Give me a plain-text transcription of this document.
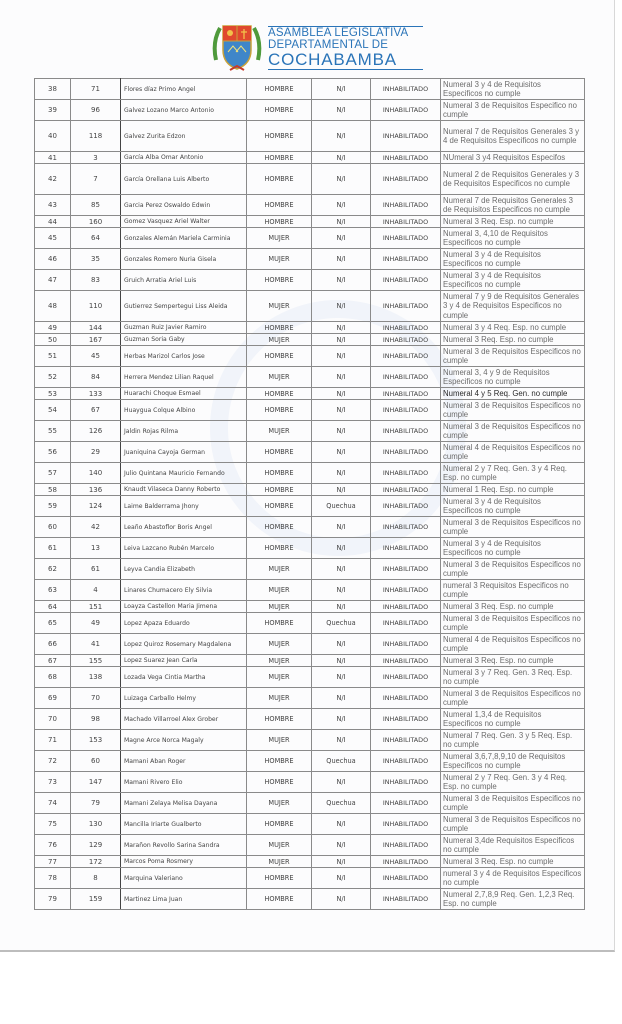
ASAMBLEA LEGISLATIVA
DEPARTAMENTAL DE
COCHABAMBA
38	71	Flores díaz Primo Angel	HOMBRE	N/I	INHABILITADO	Numeral 3 y 4 de Requisitos Especificos no cumple
39	96	Galvez Lozano Marco Antonio	HOMBRE	N/I	INHABILITADO	Numeral 3 de Requisitos Especifico no cumple
40	118	Galvez Zurita Edzon	HOMBRE	N/I	INHABILITADO	Numeral 7 de Requisitos Generales 3 y 4 de Requisitos Especificos no cumple
41	3	García Alba Omar Antonio	HOMBRE	N/I	INHABILITADO	NUmeral 3 y4 Requisitos Especifos
42	7	García Orellana Luis Alberto	HOMBRE	N/I	INHABILITADO	Numeral 2 de Requisitos Generales y 3 de Requisitos Especificos no cumple
43	85	Garcia Perez Oswaldo Edwin	HOMBRE	N/I	INHABILITADO	Numeral 7 de Requisitos Generales 3 de Requisitos Especificos no cumple
44	160	Gomez Vasquez Ariel Walter	HOMBRE	N/I	INHABILITADO	Numeral 3 Req. Esp. no cumple
45	64	Gonzales Alemán Mariela Carminia	MUJER	N/I	INHABILITADO	Numeral 3, 4,10 de Requisitos Especificos no cumple
46	35	Gonzales Romero Nuria Gisela	MUJER	N/I	INHABILITADO	Numeral 3 y 4 de Requisitos Especificos no cumple
47	83	Gruich Arratia Ariel Luis	HOMBRE	N/I	INHABILITADO	Numeral 3 y 4 de Requisitos Especificos no cumple
48	110	Gutierrez Sempertegui Liss Aleida	MUJER	N/I	INHABILITADO	Numeral 7 y 9 de Requisitos Generales 3 y 4 de Requisitos Especificos no cumple
49	144	Guzman Ruiz Javier Ramiro	HOMBRE	N/I	INHABILITADO	Numeral 3 y 4 Req. Esp. no cumple
50	167	Guzman Soria Gaby	MUJER	N/I	INHABILITADO	Numeral 3 Req. Esp. no cumple
51	45	Herbas Marizol Carlos Jose	HOMBRE	N/I	INHABILITADO	Numeral 3 de Requisitos Especificos no cumple
52	84	Herrera Mendez Lilian Raquel	MUJER	N/I	INHABILITADO	Numeral 3, 4 y 9 de Requisitos Especificos no cumple
53	133	Huarachi Choque Esmael	HOMBRE	N/I	INHABILITADO	Numeral 4 y 5 Req. Gen. no cumple
54	67	Huaygua Colque Albino	HOMBRE	N/I	INHABILITADO	Numeral 3 de Requisitos Especificos no cumple
55	126	Jaldin Rojas Rilma	MUJER	N/I	INHABILITADO	Numeral 3 de Requisitos Especificos no cumple
56	29	Juaniquina Cayoja German	HOMBRE	N/I	INHABILITADO	Numeral 4 de Requisitos Especificos no cumple
57	140	Julio Quintana Mauricio Fernando	HOMBRE	N/I	INHABILITADO	Numeral 2 y 7 Req. Gen. 3 y 4 Req. Esp. no cumple
58	136	Knaudt Vilaseca Danny Roberto	HOMBRE	N/I	INHABILITADO	Numeral 1 Req. Esp. no cumple
59	124	Laime Balderrama Jhony	HOMBRE	Quechua	INHABILITADO	Numeral 3 y 4 de Requisitos Especificos no cumple
60	42	Leaño Abastoflor Boris Angel	HOMBRE	N/I	INHABILITADO	Numeral 3 de Requisitos Especificos no cumple
61	13	Leiva Lazcano Rubén Marcelo	HOMBRE	N/I	INHABILITADO	Numeral 3 y 4 de Requisitos Especificos no cumple
62	61	Leyva Candia Elizabeth	MUJER	N/I	INHABILITADO	Numeral 3 de Requisitos Especificos no cumple
63	4	Linares Chumacero Ely Silvia	MUJER	N/I	INHABILITADO	numeral 3 Requisitos Especificos no cumple
64	151	Loayza Castellon Maria Jimena	MUJER	N/I	INHABILITADO	Numeral 3 Req. Esp. no cumple
65	49	Lopez Apaza Eduardo	HOMBRE	Quechua	INHABILITADO	Numeral 3 de Requisitos Especificos no cumple
66	41	Lopez Quiroz Rosemary Magdalena	MUJER	N/I	INHABILITADO	Numeral 4 de Requisitos Especificos no cumple
67	155	Lopez Suarez Jean Carla	MUJER	N/I	INHABILITADO	Numeral 3 Req. Esp. no cumple
68	138	Lozada Vega Cintia Martha	MUJER	N/I	INHABILITADO	Numeral 3 y 7 Req. Gen. 3 Req. Esp. no cumple
69	70	Luizaga Carballo Helmy	MUJER	N/I	INHABILITADO	Numeral 3 de Requisitos Especificos no cumple
70	98	Machado Villarroel Alex Grober	HOMBRE	N/I	INHABILITADO	Numeral 1,3,4 de Requisitos Especificos no cumple
71	153	Magne Arce Norca Magaly	MUJER	N/I	INHABILITADO	Numeral 7 Req. Gen. 3 y 5 Req. Esp. no cumple
72	60	Mamani Aban Roger	HOMBRE	Quechua	INHABILITADO	Numeral 3,6,7,8,9,10 de Requisitos Especificos no cumple
73	147	Mamani Rivero Elio	HOMBRE	N/I	INHABILITADO	Numeral 2 y 7 Req. Gen. 3 y 4 Req. Esp. no cumple
74	79	Mamani Zelaya Melisa Dayana	MUJER	Quechua	INHABILITADO	Numeral 3 de Requisitos Especificos no cumple
75	130	Mancilla Iriarte Gualberto	HOMBRE	N/I	INHABILITADO	Numeral 3 de Requisitos Especificos no cumple
76	129	Marañon Revollo Sarina Sandra	MUJER	N/I	INHABILITADO	Numeral 3,4de Requisitos Especificos no cumple
77	172	Marcos Poma Rosmery	MUJER	N/I	INHABILITADO	Numeral 3 Req. Esp. no cumple
78	8	Marquina Valeriano	HOMBRE	N/I	INHABILITADO	numeral 3 y 4 de Requisitos Especificos no cumple
79	159	Martinez Lima Juan	HOMBRE	N/I	INHABILITADO	Numeral 2,7,8,9 Req. Gen. 1,2,3 Req. Esp. no cumple
